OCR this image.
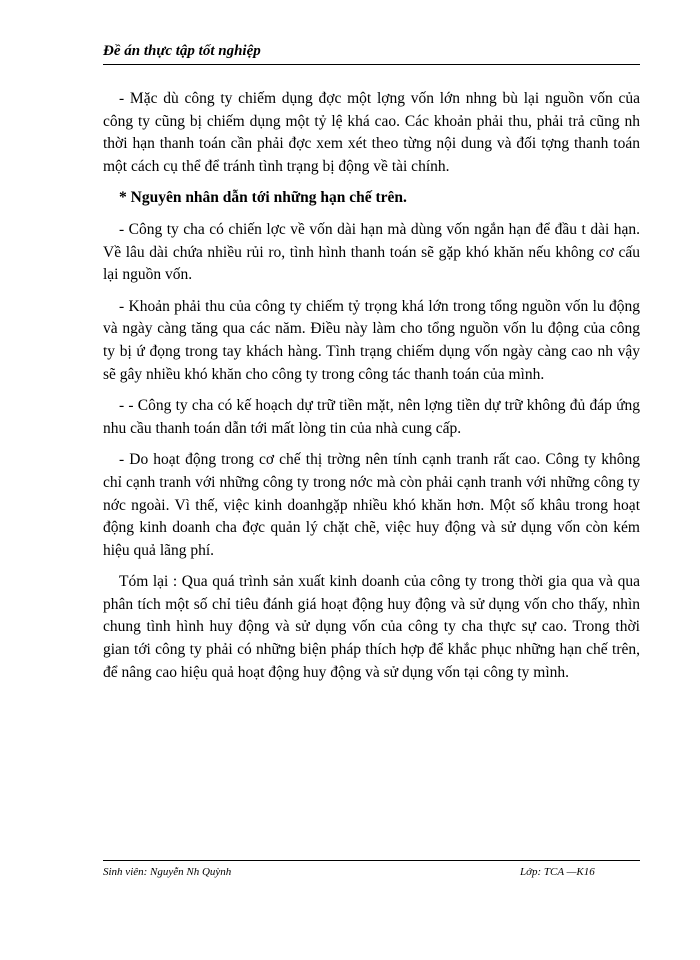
Đề án thực tập tốt nghiệp

- Mặc dù công ty chiếm dụng đợc một lợng vốn lớn nhng bù lại nguồn vốn của công ty cũng bị chiếm dụng một tỷ lệ khá cao. Các khoản phải thu, phải trả cũng nh thời hạn thanh toán cần phải đợc xem xét theo từng nội dung và đối tợng thanh toán một cách cụ thể để tránh tình trạng bị động về tài chính.

* Nguyên nhân dẫn tới những hạn chế trên.

- Công ty cha có chiến lợc về vốn dài hạn mà dùng vốn ngắn hạn để đầu t dài hạn. Về lâu dài chứa nhiều rủi ro, tình hình thanh toán sẽ gặp khó khăn nếu không cơ cấu lại nguồn vốn.

- Khoản phải thu của công ty chiếm tỷ trọng khá lớn trong tổng nguồn vốn lu động và ngày càng tăng qua các năm. Điều này làm cho tổng nguồn vốn lu động của công ty bị ứ đọng trong tay khách hàng. Tình trạng chiếm dụng vốn ngày càng cao nh vậy sẽ gây nhiều khó khăn cho công ty trong công tác thanh toán của mình.

- - Công ty cha có kế hoạch dự trữ tiền mặt, nên lợng tiền dự trữ không đủ đáp ứng nhu cầu thanh toán dẫn tới mất lòng tin của nhà cung cấp.

- Do hoạt động trong cơ chế thị trờng nên tính cạnh tranh rất cao. Công ty không chỉ cạnh tranh với những công ty trong nớc mà còn phải cạnh tranh với những công ty nớc ngoài. Vì thế, việc kinh doanhgặp nhiều khó khăn hơn. Một số khâu trong hoạt động kinh doanh cha đợc quản lý chặt chẽ, việc huy động và sử dụng vốn còn kém hiệu quả lãng phí.

Tóm lại : Qua quá trình sản xuất kinh doanh của công ty trong thời gia qua và qua phân tích một số chỉ tiêu đánh giá hoạt động huy động và sử dụng vốn cho thấy, nhìn chung tình hình huy động và sử dụng vốn của công ty cha thực sự cao. Trong thời gian tới công ty phải có những biện pháp thích hợp để khắc phục những hạn chế trên, để nâng cao hiệu quả hoạt động huy động và sử dụng vốn tại công ty mình.

Sinh viên: Nguyễn Nh Quỳnh	Lớp: TCA —K16
